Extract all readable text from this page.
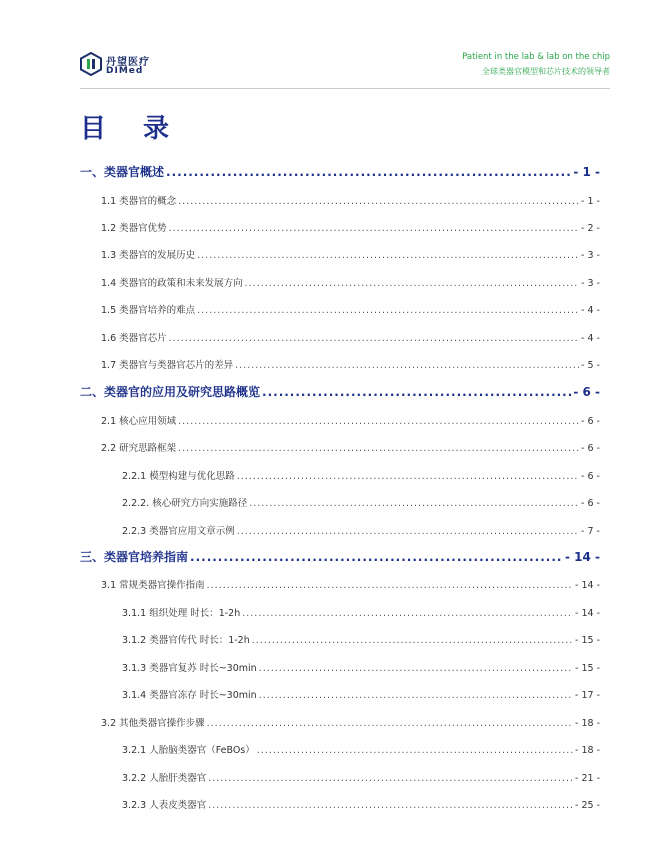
丹望医疗
DIMed
Patient in the lab & lab on the chip
全球类器官模型和芯片技术的领导者
目 录
一、类器官概述 .....	- 1 -
1.1 类器官的概念 .....	- 1 -
1.2 类器官优势 .....	- 2 -
1.3 类器官的发展历史 .....	- 3 -
1.4 类器官的政策和未来发展方向 .....	- 3 -
1.5 类器官培养的难点 .....	- 4 -
1.6 类器官芯片 .....	- 4 -
1.7 类器官与类器官芯片的差异 .....	- 5 -
二、类器官的应用及研究思路概览 .....	- 6 -
2.1 核心应用领域 .....	- 6 -
2.2 研究思路框架 .....	- 6 -
2.2.1 模型构建与优化思路 .....	- 6 -
2.2.2. 核心研究方向实施路径 .....	- 6 -
2.2.3 类器官应用文章示例 .....	- 7 -
三、类器官培养指南 .....	- 14 -
3.1 常规类器官操作指南 .....	- 14 -
3.1.1 组织处理 时长：1-2h .....	- 14 -
3.1.2 类器官传代 时长：1-2h .....	- 15 -
3.1.3 类器官复苏 时长~30min .....	- 15 -
3.1.4 类器官冻存 时长~30min .....	- 17 -
3.2 其他类器官操作步骤 .....	- 18 -
3.2.1 人胎脑类器官（FeBOs） .....	- 18 -
3.2.2 人胎肝类器官 .....	- 21 -
3.2.3 人表皮类器官 .....	- 25 -
